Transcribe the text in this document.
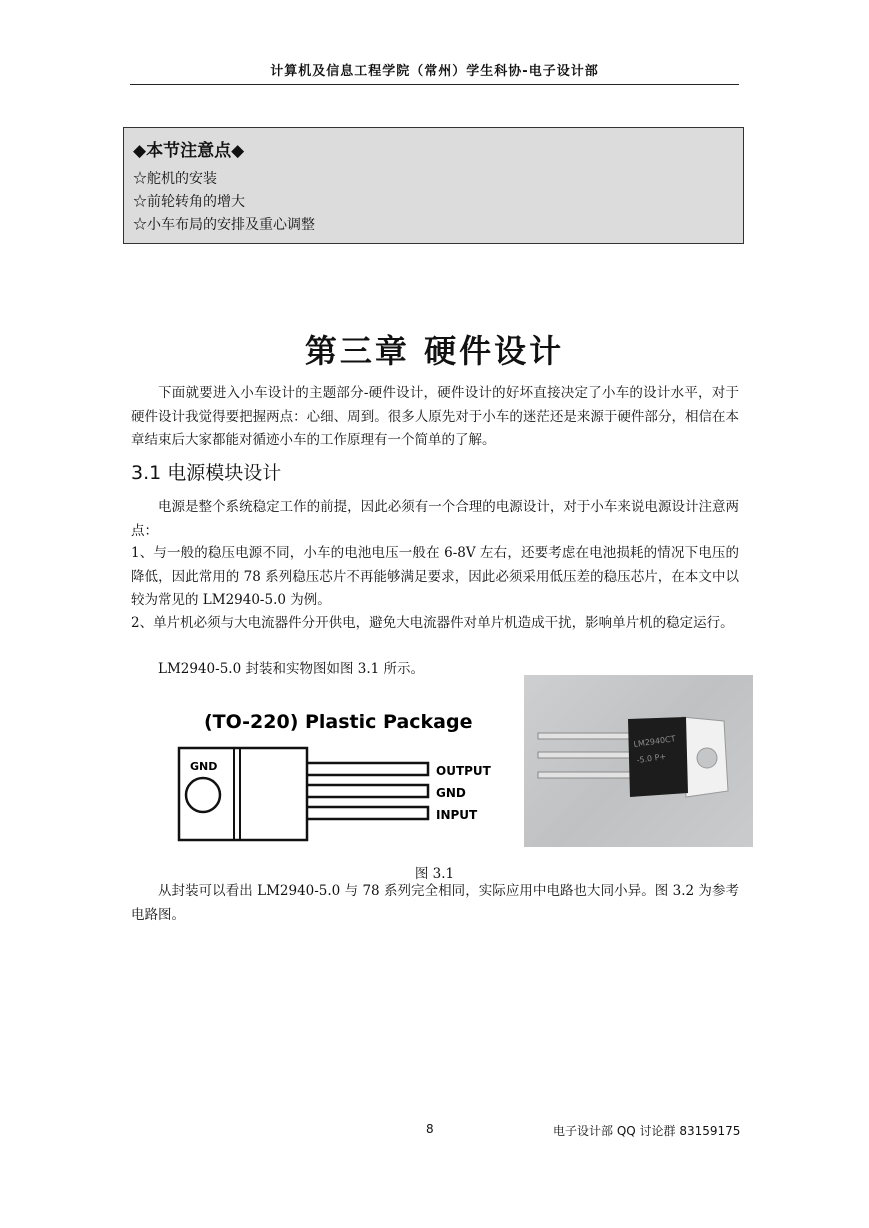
计算机及信息工程学院（常州）学生科协-电子设计部
◆本节注意点◆
☆舵机的安装
☆前轮转角的增大
☆小车布局的安排及重心调整
第三章 硬件设计

下面就要进入小车设计的主题部分-硬件设计，硬件设计的好坏直接决定了小车的设计水平，对于硬件设计我觉得要把握两点：心细、周到。很多人原先对于小车的迷茫还是来源于硬件部分，相信在本章结束后大家都能对循迹小车的工作原理有一个简单的了解。

3.1 电源模块设计

电源是整个系统稳定工作的前提，因此必须有一个合理的电源设计，对于小车来说电源设计注意两点：

1、与一般的稳压电源不同，小车的电池电压一般在 6-8V 左右，还要考虑在电池损耗的情况下电压的降低，因此常用的 78 系列稳压芯片不再能够满足要求，因此必须采用低压差的稳压芯片，在本文中以较为常见的 LM2940-5.0 为例。

2、单片机必须与大电流器件分开供电，避免大电流器件对单片机造成干扰，影响单片机的稳定运行。

LM2940-5.0 封装和实物图如图 3.1 所示。

(TO-220) Plastic Package
GND	OUTPUT
GND
INPUT
LM2940CT
-5.0 P+
图 3.1

从封装可以看出 LM2940-5.0 与 78 系列完全相同，实际应用中电路也大同小异。图 3.2 为参考电路图。

8	电子设计部 QQ 讨论群 83159175
